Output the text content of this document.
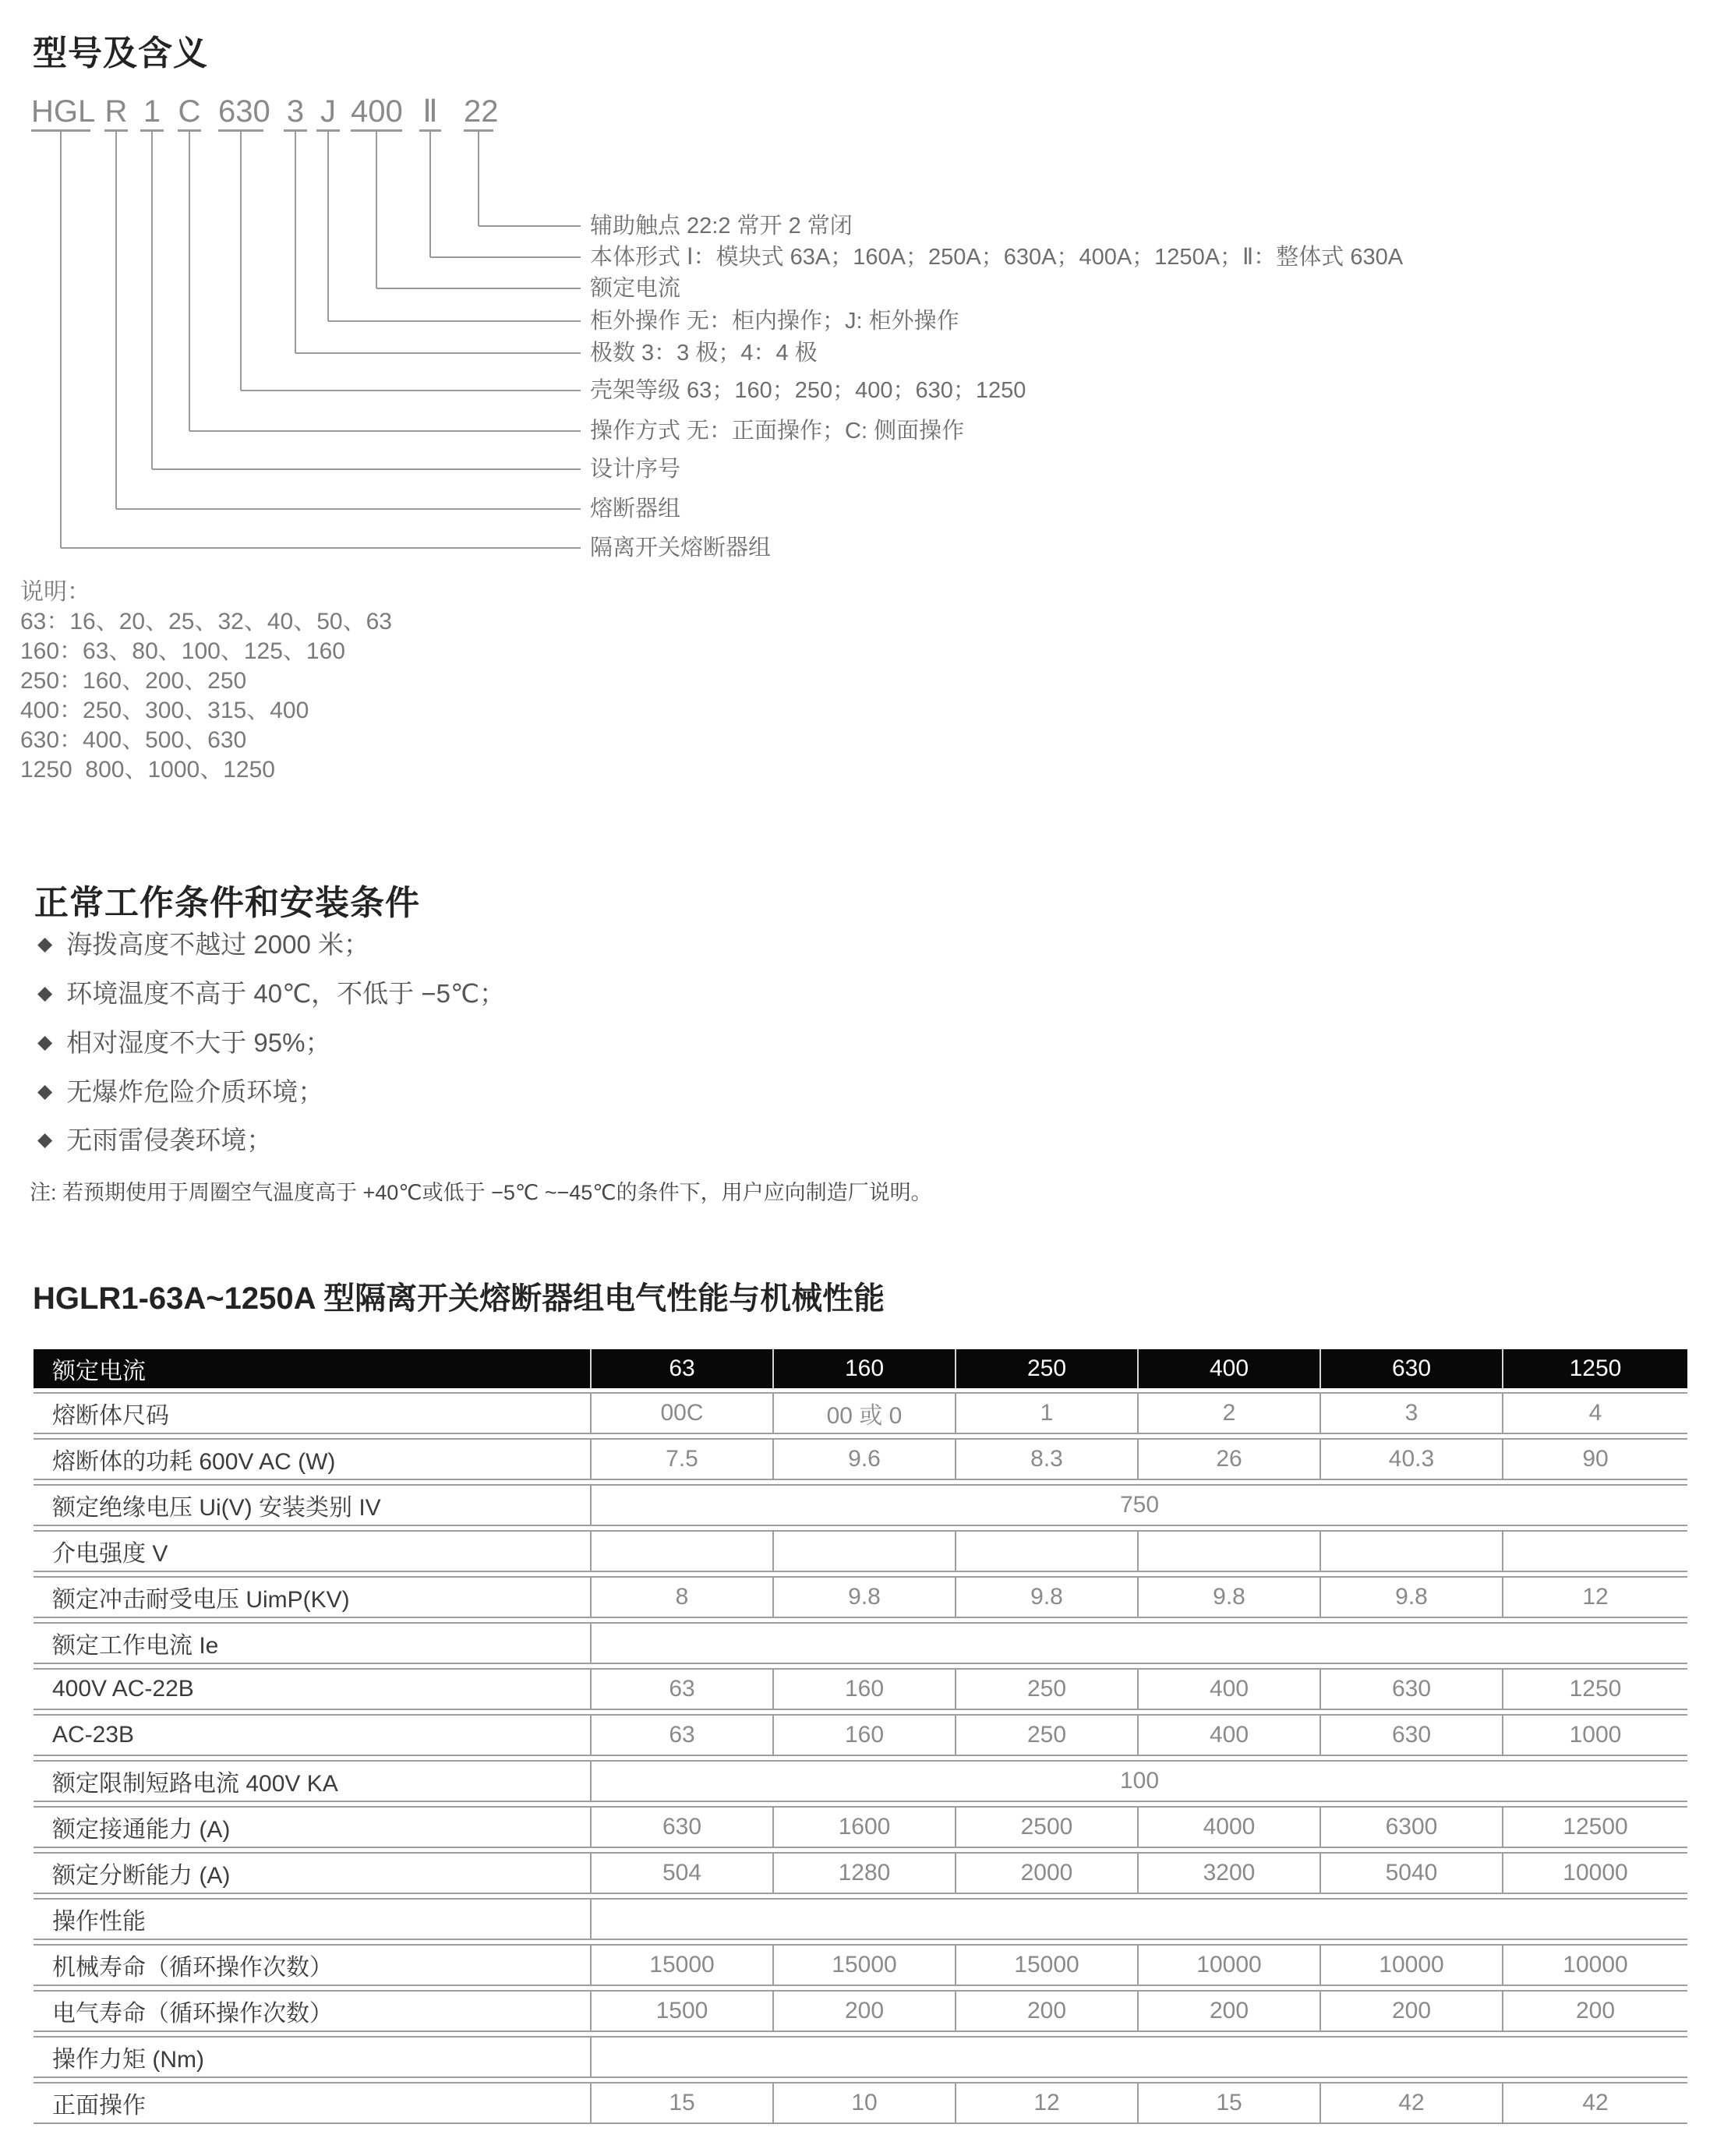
型号及含义
HGL
隔离开关熔断器组
R
熔断器组
1
设计序号
C
操作方式 无：正面操作；C: 侧面操作
630
壳架等级 63；160；250；400；630；1250
3
极数 3：3 极；4：4 极
J
柜外操作 无：柜内操作；J: 柜外操作
400
额定电流
Ⅱ
本体形式 Ⅰ：模块式 63A；160A；250A；630A；400A；1250A；Ⅱ：整体式 630A
22
辅助触点 22:2 常开 2 常闭
说明：
63：16、20、25、32、40、50、63
160：63、80、100、125、160
250：160、200、250
400：250、300、315、400
630：400、500、630
1250  800、1000、1250
正常工作条件和安装条件
◆ 海拨高度不越过 2000 米；
◆ 环境温度不高于 40℃，不低于 −5℃；
◆ 相对湿度不大于 95%；
◆ 无爆炸危险介质环境；
◆ 无雨雷侵袭环境；
注: 若预期使用于周圈空气温度高于 +40℃或低于 −5℃ ~−45℃的条件下，用户应向制造厂说明。
HGLR1-63A~1250A 型隔离开关熔断器组电气性能与机械性能
额定电流	63	160	250	400	630	1250
熔断体尺码	00C	00 或 0	1	2	3	4
熔断体的功耗 600V AC (W)	7.5	9.6	8.3	26	40.3	90
额定绝缘电压 Ui(V) 安装类别 IV	750					
介电强度 V						
额定冲击耐受电压 UimP(KV)	8	9.8	9.8	9.8	9.8	12
额定工作电流 Ie						
400V AC-22B	63	160	250	400	630	1250
AC-23B	63	160	250	400	630	1000
额定限制短路电流 400V KA	100					
额定接通能力 (A)	630	1600	2500	4000	6300	12500
额定分断能力 (A)	504	1280	2000	3200	5040	10000
操作性能						
机械寿命（循环操作次数）	15000	15000	15000	10000	10000	10000
电气寿命（循环操作次数）	1500	200	200	200	200	200
操作力矩 (Nm)						
正面操作	15	10	12	15	42	42
